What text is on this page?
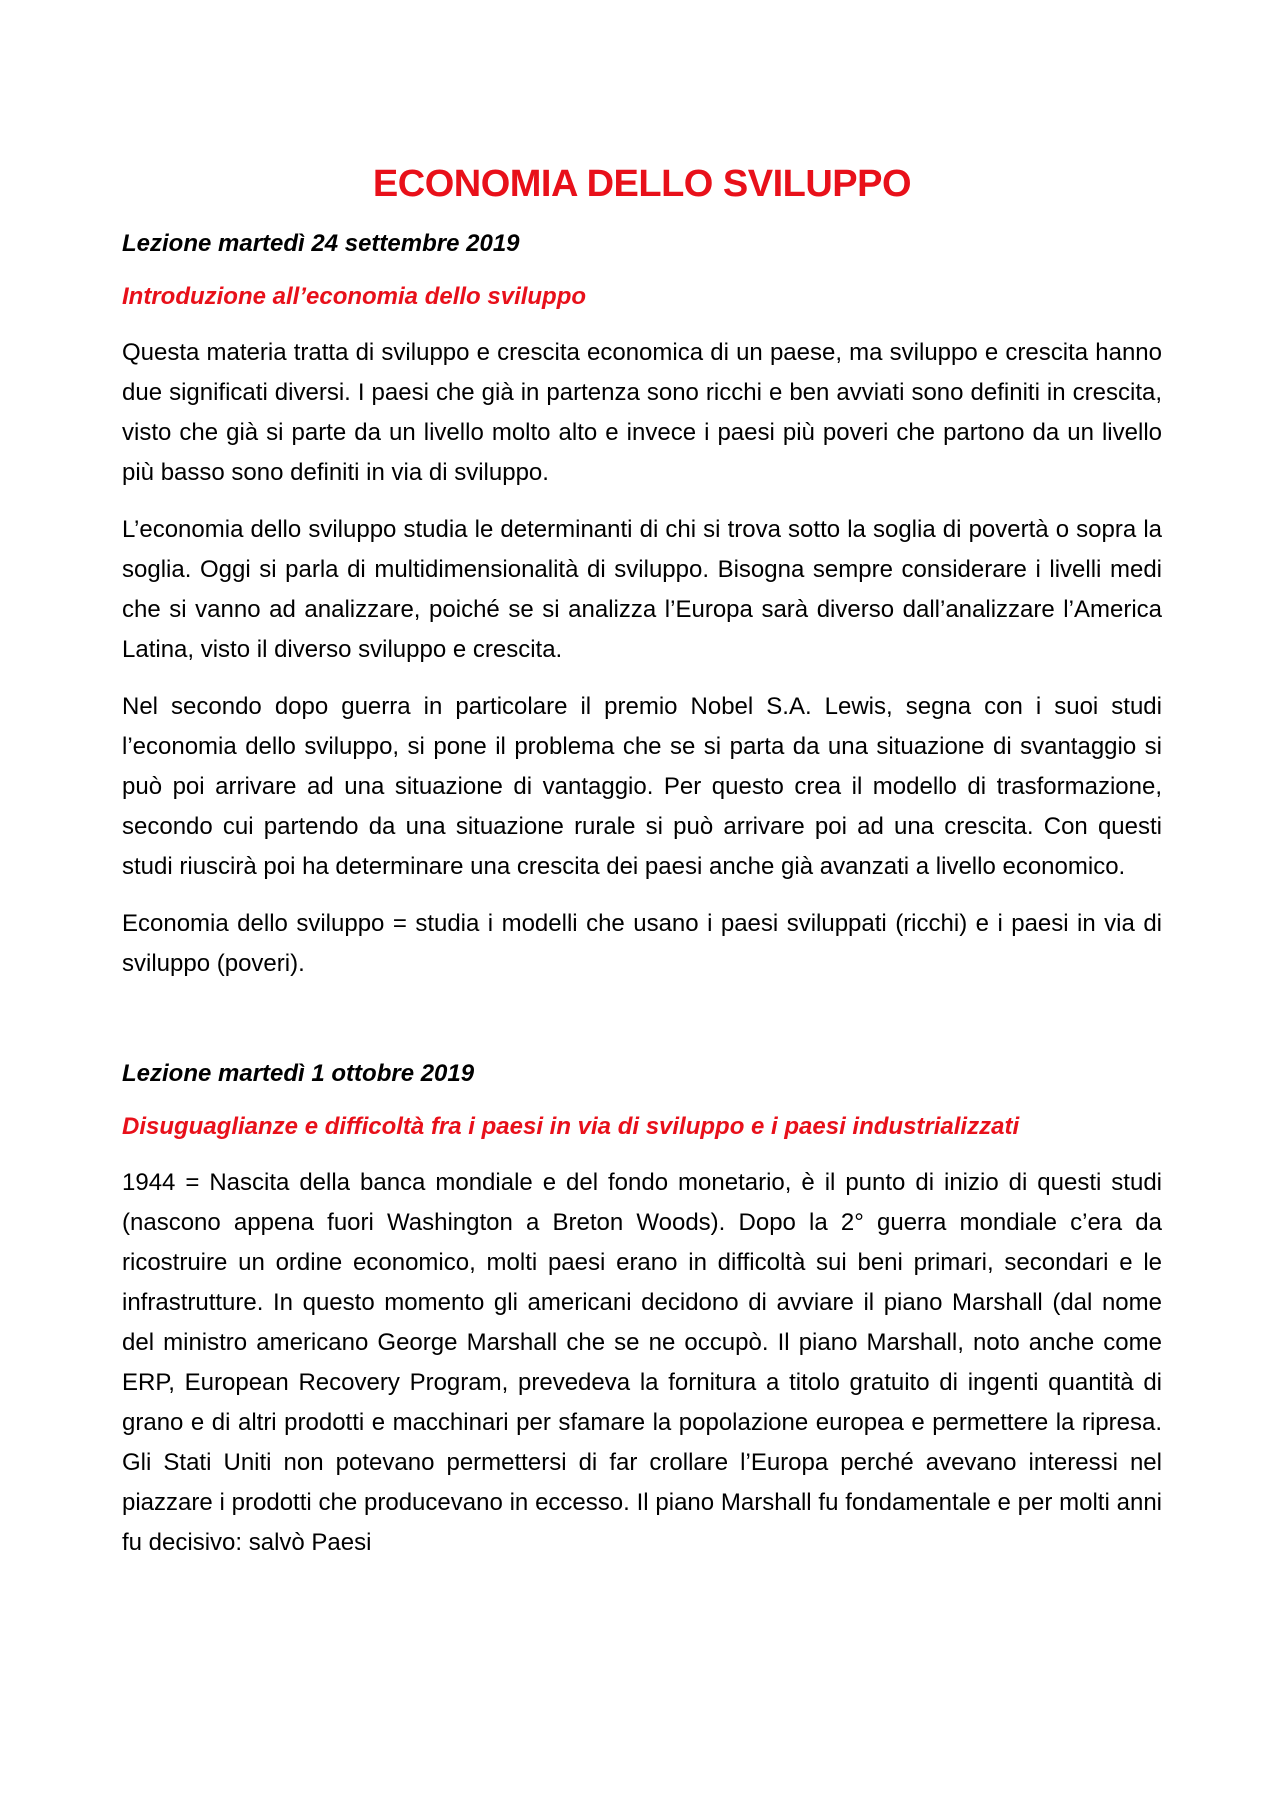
ECONOMIA DELLO SVILUPPO
Lezione martedì 24 settembre 2019
Introduzione all’economia dello sviluppo

Questa materia tratta di sviluppo e crescita economica di un paese, ma sviluppo e crescita hanno due significati diversi. I paesi che già in partenza sono ricchi e ben avviati sono definiti in crescita, visto che già si parte da un livello molto alto e invece i paesi più poveri che partono da un livello più basso sono definiti in via di sviluppo.

L’economia dello sviluppo studia le determinanti di chi si trova sotto la soglia di povertà o sopra la soglia. Oggi si parla di multidimensionalità di sviluppo. Bisogna sempre considerare i livelli medi che si vanno ad analizzare, poiché se si analizza l’Europa sarà diverso dall’analizzare l’America Latina, visto il diverso sviluppo e crescita.

Nel secondo dopo guerra in particolare il premio Nobel S.A. Lewis, segna con i suoi studi l’economia dello sviluppo, si pone il problema che se si parta da una situazione di svantaggio si può poi arrivare ad una situazione di vantaggio. Per questo crea il modello di trasformazione, secondo cui partendo da una situazione rurale si può arrivare poi ad una crescita. Con questi studi riuscirà poi ha determinare una crescita dei paesi anche già avanzati a livello economico.

Economia dello sviluppo = studia i modelli che usano i paesi sviluppati (ricchi) e i paesi in via di sviluppo (poveri).

Lezione martedì 1 ottobre 2019
Disuguaglianze e difficoltà fra i paesi in via di sviluppo e i paesi industrializzati

1944 = Nascita della banca mondiale e del fondo monetario, è il punto di inizio di questi studi (nascono appena fuori Washington a Breton Woods). Dopo la 2° guerra mondiale c’era da ricostruire un ordine economico, molti paesi erano in difficoltà sui beni primari, secondari e le infrastrutture. In questo momento gli americani decidono di avviare il piano Marshall (dal nome del ministro americano George Marshall che se ne occupò. Il piano Marshall, noto anche come ERP, European Recovery Program, prevedeva la fornitura a titolo gratuito di ingenti quantità di grano e di altri prodotti e macchinari per sfamare la popolazione europea e permettere la ripresa. Gli Stati Uniti non potevano permettersi di far crollare l’Europa perché avevano interessi nel piazzare i prodotti che producevano in eccesso. Il piano Marshall fu fondamentale e per molti anni fu decisivo: salvò Paesi
